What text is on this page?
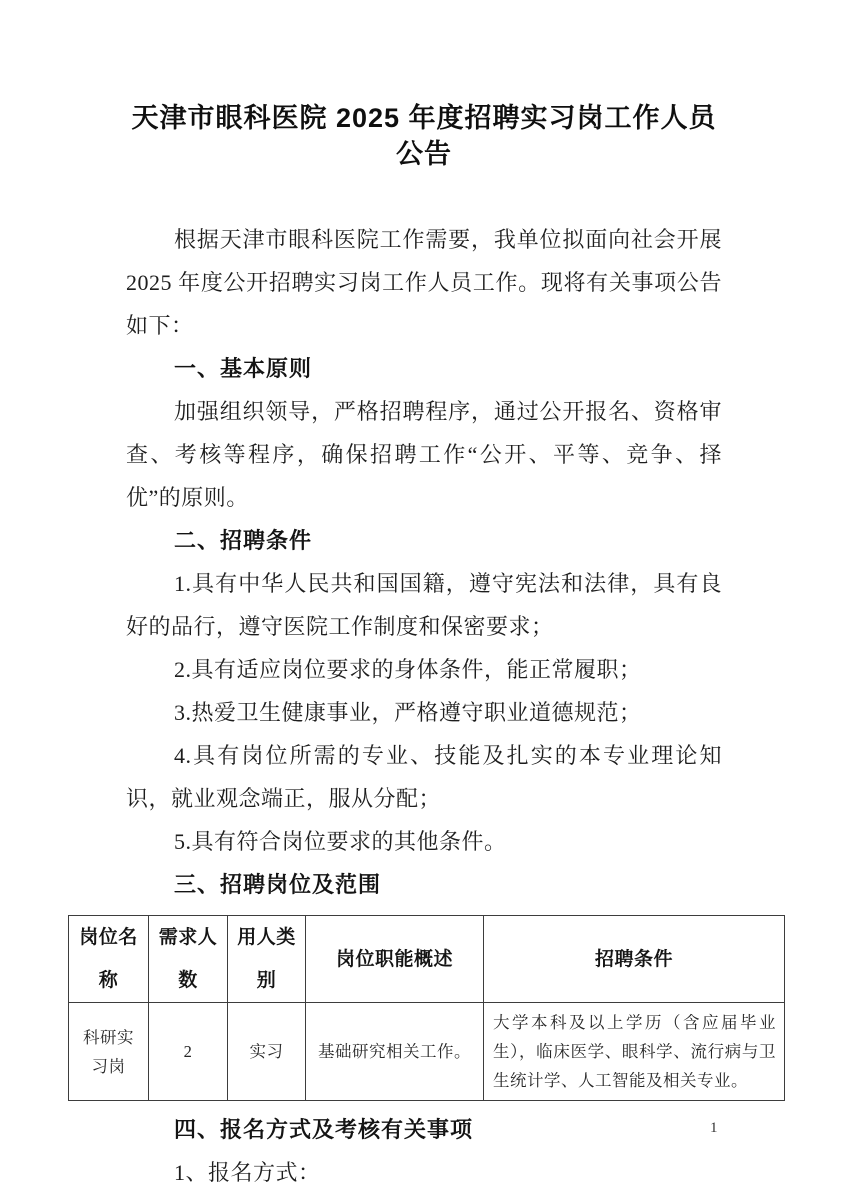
天津市眼科医院 2025 年度招聘实习岗工作人员公告

根据天津市眼科医院工作需要，我单位拟面向社会开展 2025 年度公开招聘实习岗工作人员工作。现将有关事项公告如下：

一、基本原则

加强组织领导，严格招聘程序，通过公开报名、资格审查、考核等程序，确保招聘工作“公开、平等、竞争、择优”的原则。

二、招聘条件

1.具有中华人民共和国国籍，遵守宪法和法律，具有良好的品行，遵守医院工作制度和保密要求；

2.具有适应岗位要求的身体条件，能正常履职；

3.热爱卫生健康事业，严格遵守职业道德规范；

4.具有岗位所需的专业、技能及扎实的本专业理论知识，就业观念端正，服从分配；

5.具有符合岗位要求的其他条件。

三、招聘岗位及范围
岗位名称	需求人数	用人类别	岗位职能概述	招聘条件
科研实习岗	2	实习	基础研究相关工作。	大学本科及以上学历（含应届毕业生），临床医学、眼科学、流行病与卫生统计学、人工智能及相关专业。
四、报名方式及考核有关事项

1、报名方式：

1
